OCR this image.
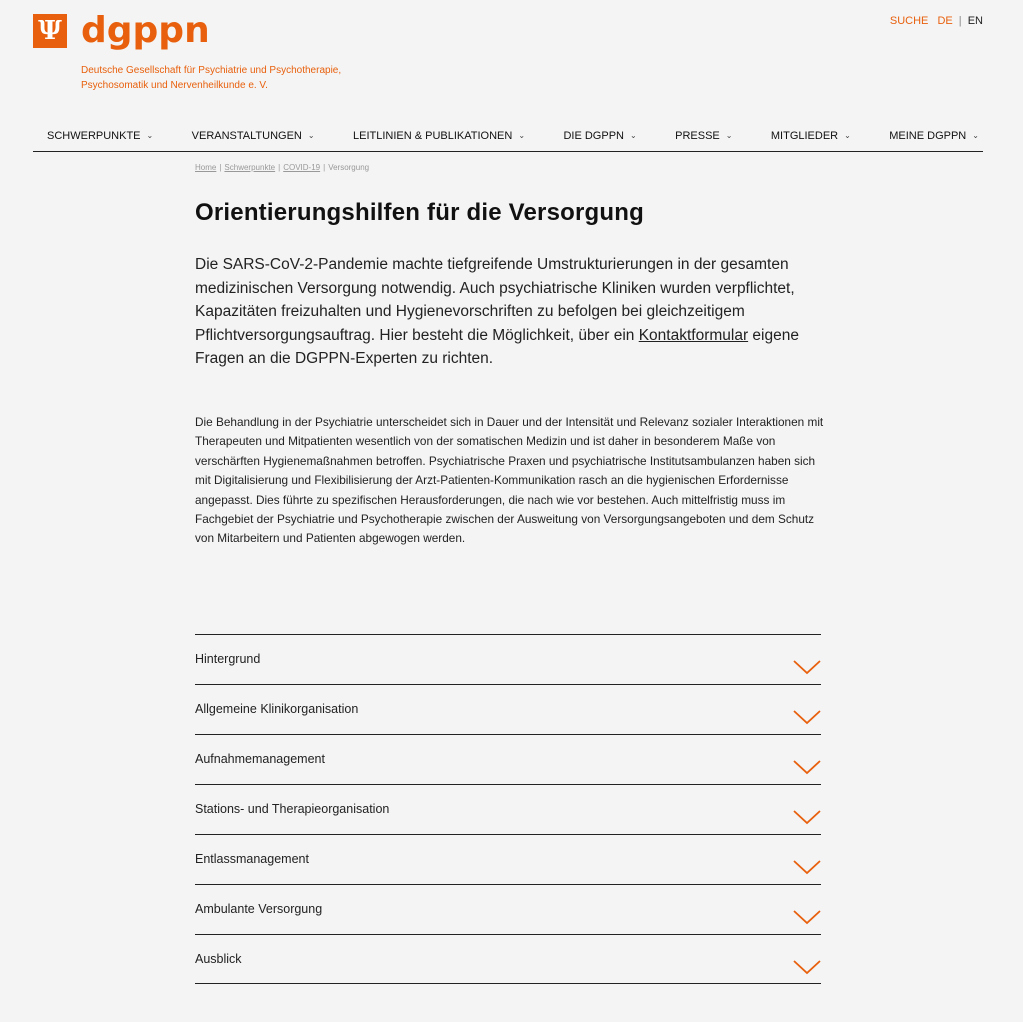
Ψ dgppn
Deutsche Gesellschaft für Psychiatrie und Psychotherapie,
Psychosomatik und Nervenheilkunde e. V.
SUCHE DE | EN
SCHWERPUNKTE ⌄	VERANSTALTUNGEN ⌄	LEITLINIEN & PUBLIKATIONEN ⌄	DIE DGPPN ⌄	PRESSE ⌄	MITGLIEDER ⌄	MEINE DGPPN ⌄
Home | Schwerpunkte | COVID-19 | Versorgung
Orientierungshilfen für die Versorgung

Die SARS-CoV-2-Pandemie machte tiefgreifende Umstrukturierungen in der gesamten medizinischen Versorgung notwendig. Auch psychiatrische Kliniken wurden verpflichtet, Kapazitäten freizuhalten und Hygienevorschriften zu befolgen bei gleichzeitigem Pflichtversorgungsauftrag. Hier besteht die Möglichkeit, über ein Kontaktformular eigene Fragen an die DGPPN-Experten zu richten.

Die Behandlung in der Psychiatrie unterscheidet sich in Dauer und der Intensität und Relevanz sozialer Interaktionen mit Therapeuten und Mitpatienten wesentlich von der somatischen Medizin und ist daher in besonderem Maße von verschärften Hygienemaßnahmen betroffen. Psychiatrische Praxen und psychiatrische Institutsambulanzen haben sich mit Digitalisierung und Flexibilisierung der Arzt-Patienten-Kommunikation rasch an die hygienischen Erfordernisse angepasst. Dies führte zu spezifischen Herausforderungen, die nach wie vor bestehen. Auch mittelfristig muss im Fachgebiet der Psychiatrie und Psychotherapie zwischen der Ausweitung von Versorgungsangeboten und dem Schutz von Mitarbeitern und Patienten abgewogen werden.

Hintergrund
Allgemeine Klinikorganisation
Aufnahmemanagement
Stations- und Therapieorganisation
Entlassmanagement
Ambulante Versorgung
Ausblick
